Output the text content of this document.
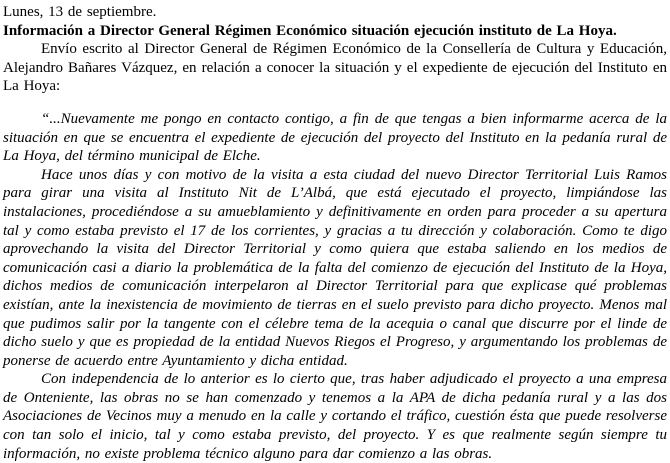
Lunes, 13 de septiembre.

Información a Director General Régimen Económico situación ejecución instituto de La Hoya.

Envío escrito al Director General de Régimen Económico de la Consellería de Cultura y Educación, Alejandro Bañares Vázquez, en relación a conocer la situación y el expediente de ejecución del Instituto en La Hoya:

“...Nuevamente me pongo en contacto contigo, a fin de que tengas a bien informarme acerca de la situación en que se encuentra el expediente de ejecución del proyecto del Instituto en la pedanía rural de La Hoya, del término municipal de Elche.

Hace unos días y con motivo de la visita a esta ciudad del nuevo Director Territorial Luis Ramos para girar una visita al Instituto Nit de L’Albá, que está ejecutado el proyecto, limpiándose las instalaciones, procediéndose a su amueblamiento y definitivamente en orden para proceder a su apertura tal y como estaba previsto el 17 de los corrientes, y gracias a tu dirección y colaboración. Como te digo aprovechando la visita del Director Territorial y como quiera que estaba saliendo en los medios de comunicación casi a diario la problemática de la falta del comienzo de ejecución del Instituto de la Hoya, dichos medios de comunicación interpelaron al Director Territorial para que explicase qué problemas existían, ante la inexistencia de movimiento de tierras en el suelo previsto para dicho proyecto. Menos mal que pudimos salir por la tangente con el célebre tema de la acequia o canal que discurre por el linde de dicho suelo y que es propiedad de la entidad Nuevos Riegos el Progreso, y argumentando los problemas de ponerse de acuerdo entre Ayuntamiento y dicha entidad.

Con independencia de lo anterior es lo cierto que, tras haber adjudicado el proyecto a una empresa de Onteniente, las obras no se han comenzado y tenemos a la APA de dicha pedanía rural y a las dos Asociaciones de Vecinos muy a menudo en la calle y cortando el tráfico, cuestión ésta que puede resolverse con tan solo el inicio, tal y como estaba previsto, del proyecto. Y es que realmente según siempre tu información, no existe problema técnico alguno para dar comienzo a las obras.
